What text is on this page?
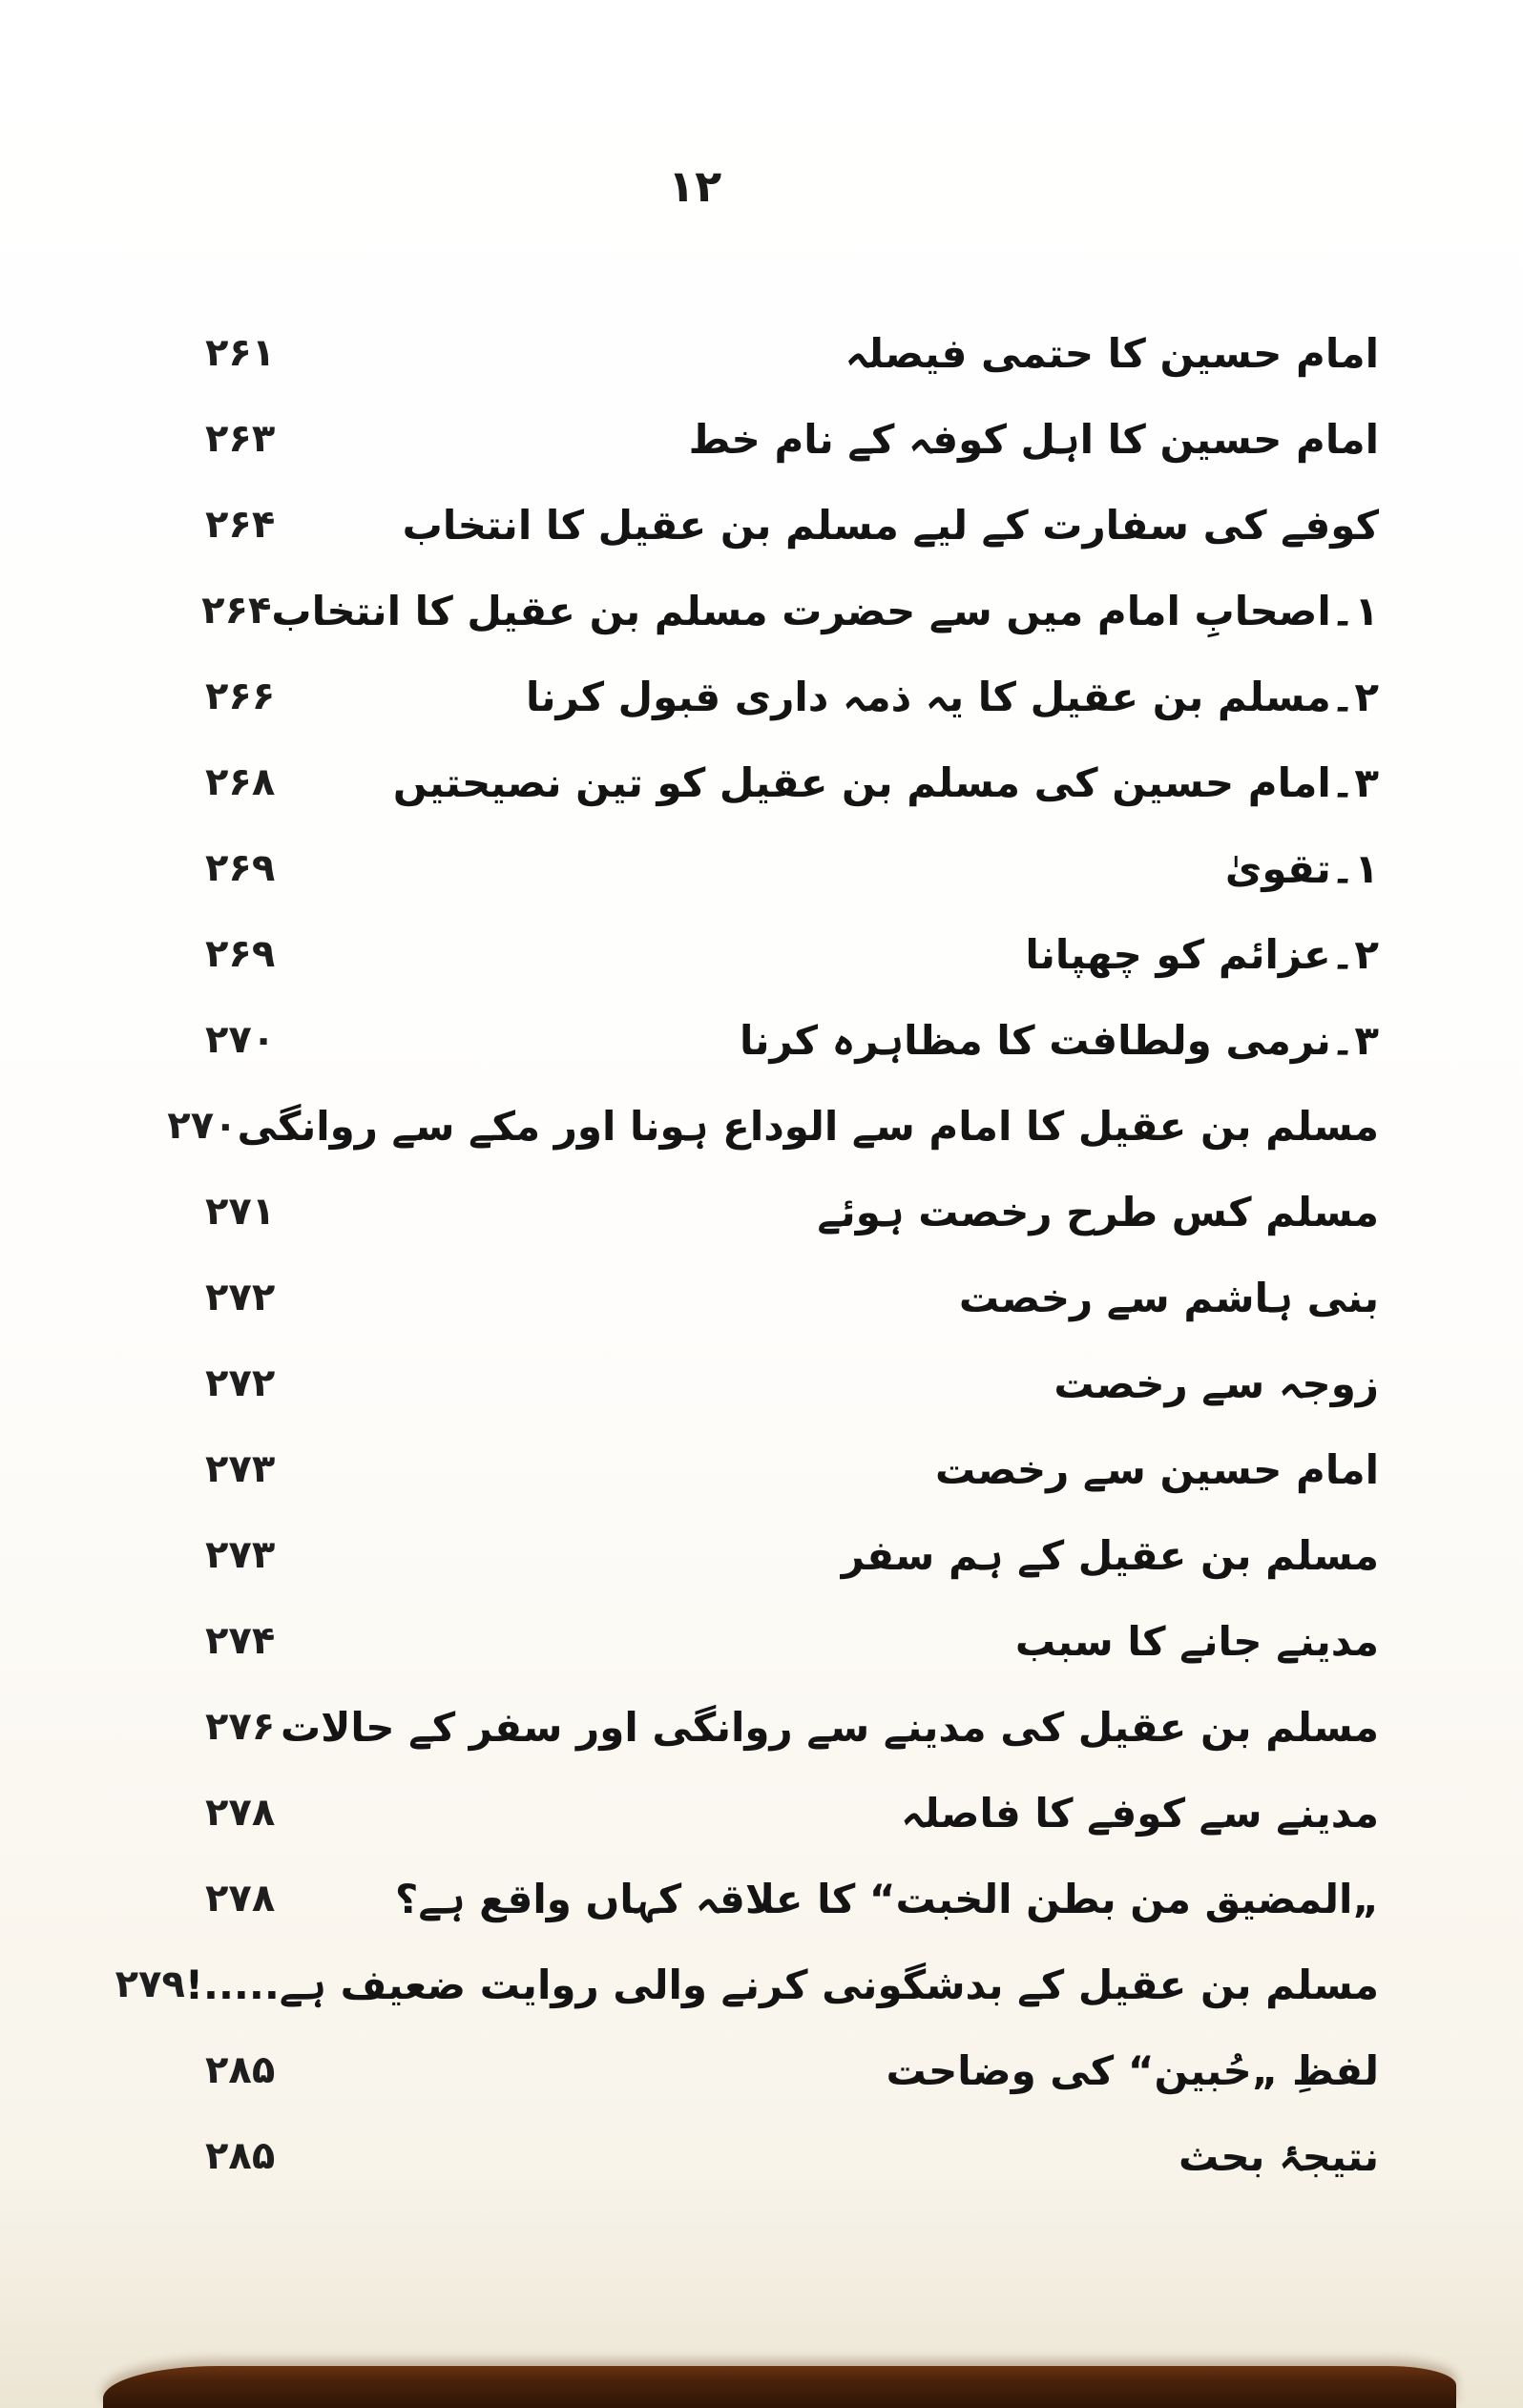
۱۲
امام حسین کا حتمی فیصلہ
۲۶۱
امام حسین کا اہل کوفہ کے نام خط
۲۶۳
کوفے کی سفارت کے لیے مسلم بن عقیل کا انتخاب
۲۶۴
۱۔اصحابِ امام میں سے حضرت مسلم بن عقیل کا انتخاب
۲۶۴
۲۔مسلم بن عقیل کا یہ ذمہ داری قبول کرنا
۲۶۶
۳۔امام حسین کی مسلم بن عقیل کو تین نصیحتیں
۲۶۸
۱۔تقویٰ
۲۶۹
۲۔عزائم کو چھپانا
۲۶۹
۳۔نرمی ولطافت کا مظاہرہ کرنا
۲۷۰
مسلم بن عقیل کا امام سے الوداع ہونا اور مکے سے روانگی
۲۷۰
مسلم کس طرح رخصت ہوئے
۲۷۱
بنی ہاشم سے رخصت
۲۷۲
زوجہ سے رخصت
۲۷۲
امام حسین سے رخصت
۲۷۳
مسلم بن عقیل کے ہم سفر
۲۷۳
مدینے جانے کا سبب
۲۷۴
مسلم بن عقیل کی مدینے سے روانگی اور سفر کے حالات
۲۷۶
مدینے سے کوفے کا فاصلہ
۲۷۸
„المضیق من بطن الخبت“ کا علاقہ کہاں واقع ہے؟
۲۷۸
مسلم بن عقیل کے بدشگونی کرنے والی روایت ضعیف ہے.....!
۲۷۹
لفظِ „حُبین“ کی وضاحت
۲۸۵
نتیجۂ بحث
۲۸۵
